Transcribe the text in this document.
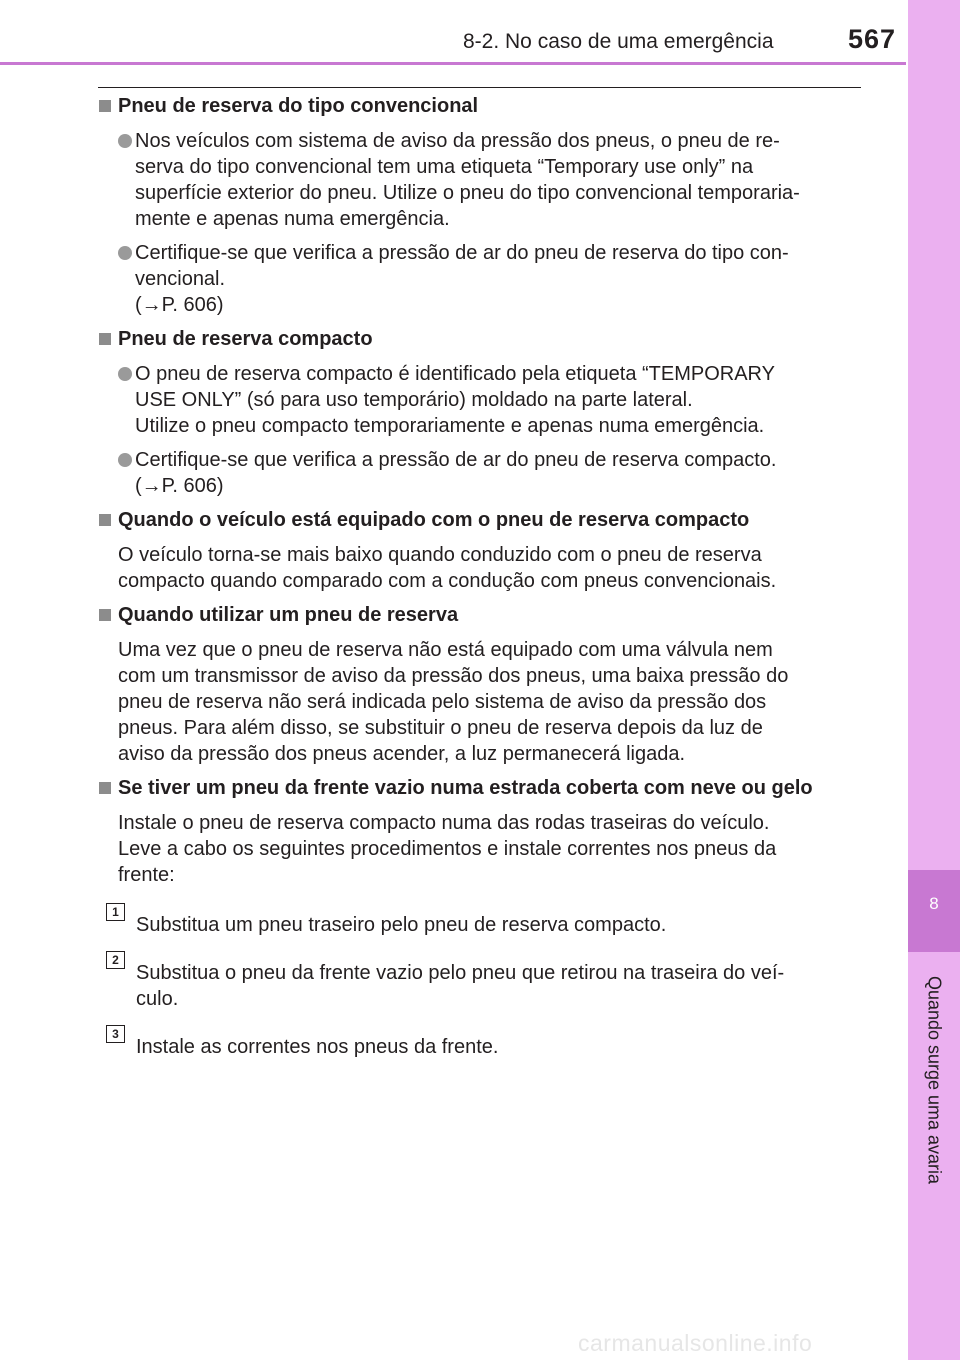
8-2. No caso de uma emergência	567
8
Quando surge uma avaria
Pneu de reserva do tipo convencional
Nos veículos com sistema de aviso da pressão dos pneus, o pneu de re-
serva do tipo convencional tem uma etiqueta “Temporary use only” na
superfície exterior do pneu. Utilize o pneu do tipo convencional temporaria-
mente e apenas numa emergência.
Certifique-se que verifica a pressão de ar do pneu de reserva do tipo con-
vencional.
(→P. 606)
Pneu de reserva compacto
O pneu de reserva compacto é identificado pela etiqueta “TEMPORARY
USE ONLY” (só para uso temporário) moldado na parte lateral.
Utilize o pneu compacto temporariamente e apenas numa emergência.
Certifique-se que verifica a pressão de ar do pneu de reserva compacto.
(→P. 606)
Quando o veículo está equipado com o pneu de reserva compacto
O veículo torna-se mais baixo quando conduzido com o pneu de reserva
compacto quando comparado com a condução com pneus convencionais.
Quando utilizar um pneu de reserva
Uma vez que o pneu de reserva não está equipado com uma válvula nem
com um transmissor de aviso da pressão dos pneus, uma baixa pressão do
pneu de reserva não será indicada pelo sistema de aviso da pressão dos
pneus. Para além disso, se substituir o pneu de reserva depois da luz de
aviso da pressão dos pneus acender, a luz permanecerá ligada.
Se tiver um pneu da frente vazio numa estrada coberta com neve ou gelo
Instale o pneu de reserva compacto numa das rodas traseiras do veículo.
Leve a cabo os seguintes procedimentos e instale correntes nos pneus da
frente:
1
Substitua um pneu traseiro pelo pneu de reserva compacto.
2
Substitua o pneu da frente vazio pelo pneu que retirou na traseira do veí-
culo.
3
Instale as correntes nos pneus da frente.
carmanualsonline.info
